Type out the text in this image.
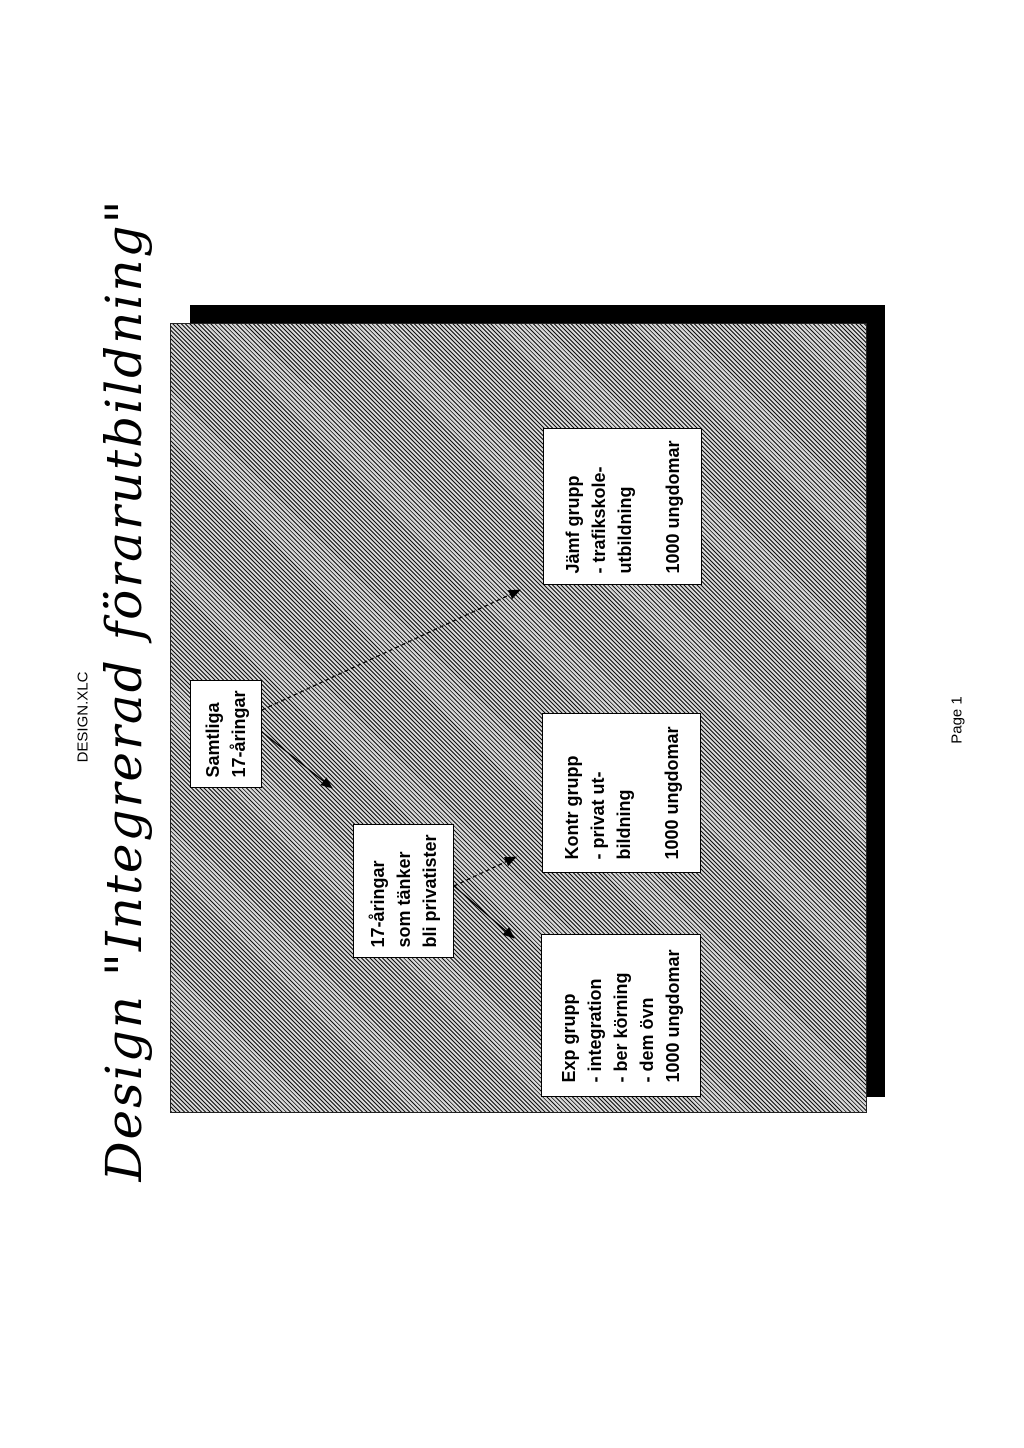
DESIGN.XLC Design "Integrerad förarutbildning"	Page 1
Samtliga 17-åringar
17-åringar som tänker bli privatister
Exp grupp - integration - ber körning - dem övn 1000 ungdomar
Kontr grupp - privat ut- bildning 1000 ungdomar
Jämf grupp - trafikskole- utbildning 1000 ungdomar
